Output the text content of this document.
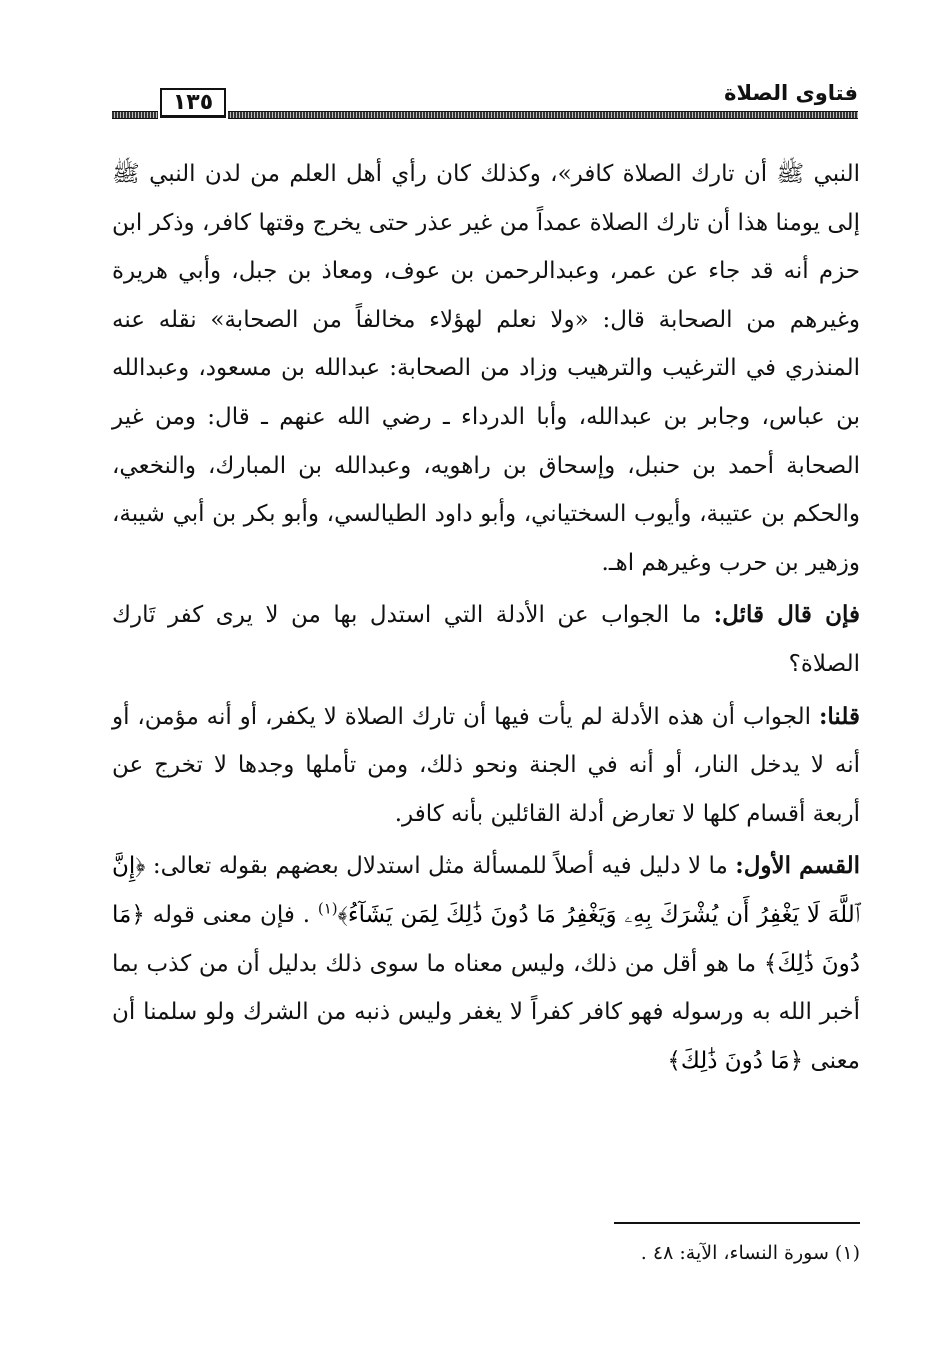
فتاوى الصلاة
١٣٥

النبي ﷺ أن تارك الصلاة كافر»، وكذلك كان رأي أهل العلم من لدن النبي ﷺ إلى يومنا هذا أن تارك الصلاة عمداً من غير عذر حتى يخرج وقتها كافر، وذكر ابن حزم أنه قد جاء عن عمر، وعبدالرحمن بن عوف، ومعاذ بن جبل، وأبي هريرة وغيرهم من الصحابة قال: «ولا نعلم لهؤلاء مخالفاً من الصحابة» نقله عنه المنذري في الترغيب والترهيب وزاد من الصحابة: عبدالله بن مسعود، وعبدالله بن عباس، وجابر بن عبدالله، وأبا الدرداء ـ رضي الله عنهم ـ قال: ومن غير الصحابة أحمد بن حنبل، وإسحاق بن راهويه، وعبدالله بن المبارك، والنخعي، والحكم بن عتيبة، وأيوب السختياني، وأبو داود الطيالسي، وأبو بكر بن أبي شيبة، وزهير بن حرب وغيرهم اهـ.

فإن قال قائل: ما الجواب عن الأدلة التي استدل بها من لا يرى كفر تَارك الصلاة؟

قلنا: الجواب أن هذه الأدلة لم يأت فيها أن تارك الصلاة لا يكفر، أو أنه مؤمن، أو أنه لا يدخل النار، أو أنه في الجنة ونحو ذلك، ومن تأملها وجدها لا تخرج عن أربعة أقسام كلها لا تعارض أدلة القائلين بأنه كافر.

القسم الأول: ما لا دليل فيه أصلاً للمسألة مثل استدلال بعضهم بقوله تعالى: ﴿إِنَّ ٱللَّهَ لَا يَغْفِرُ أَن يُشْرَكَ بِهِۦ وَيَغْفِرُ مَا دُونَ ذَٰلِكَ لِمَن يَشَآءُ﴾$^{(١)}$ . فإن معنى قوله ﴿مَا دُونَ ذَٰلِكَ﴾ ما هو أقل من ذلك، وليس معناه ما سوى ذلك بدليل أن من كذب بما أخبر الله به ورسوله فهو كافر كفراً لا يغفر وليس ذنبه من الشرك ولو سلمنا أن معنى ﴿مَا دُونَ ذَٰلِكَ﴾

(١) سورة النساء، الآية: ٤٨ .
